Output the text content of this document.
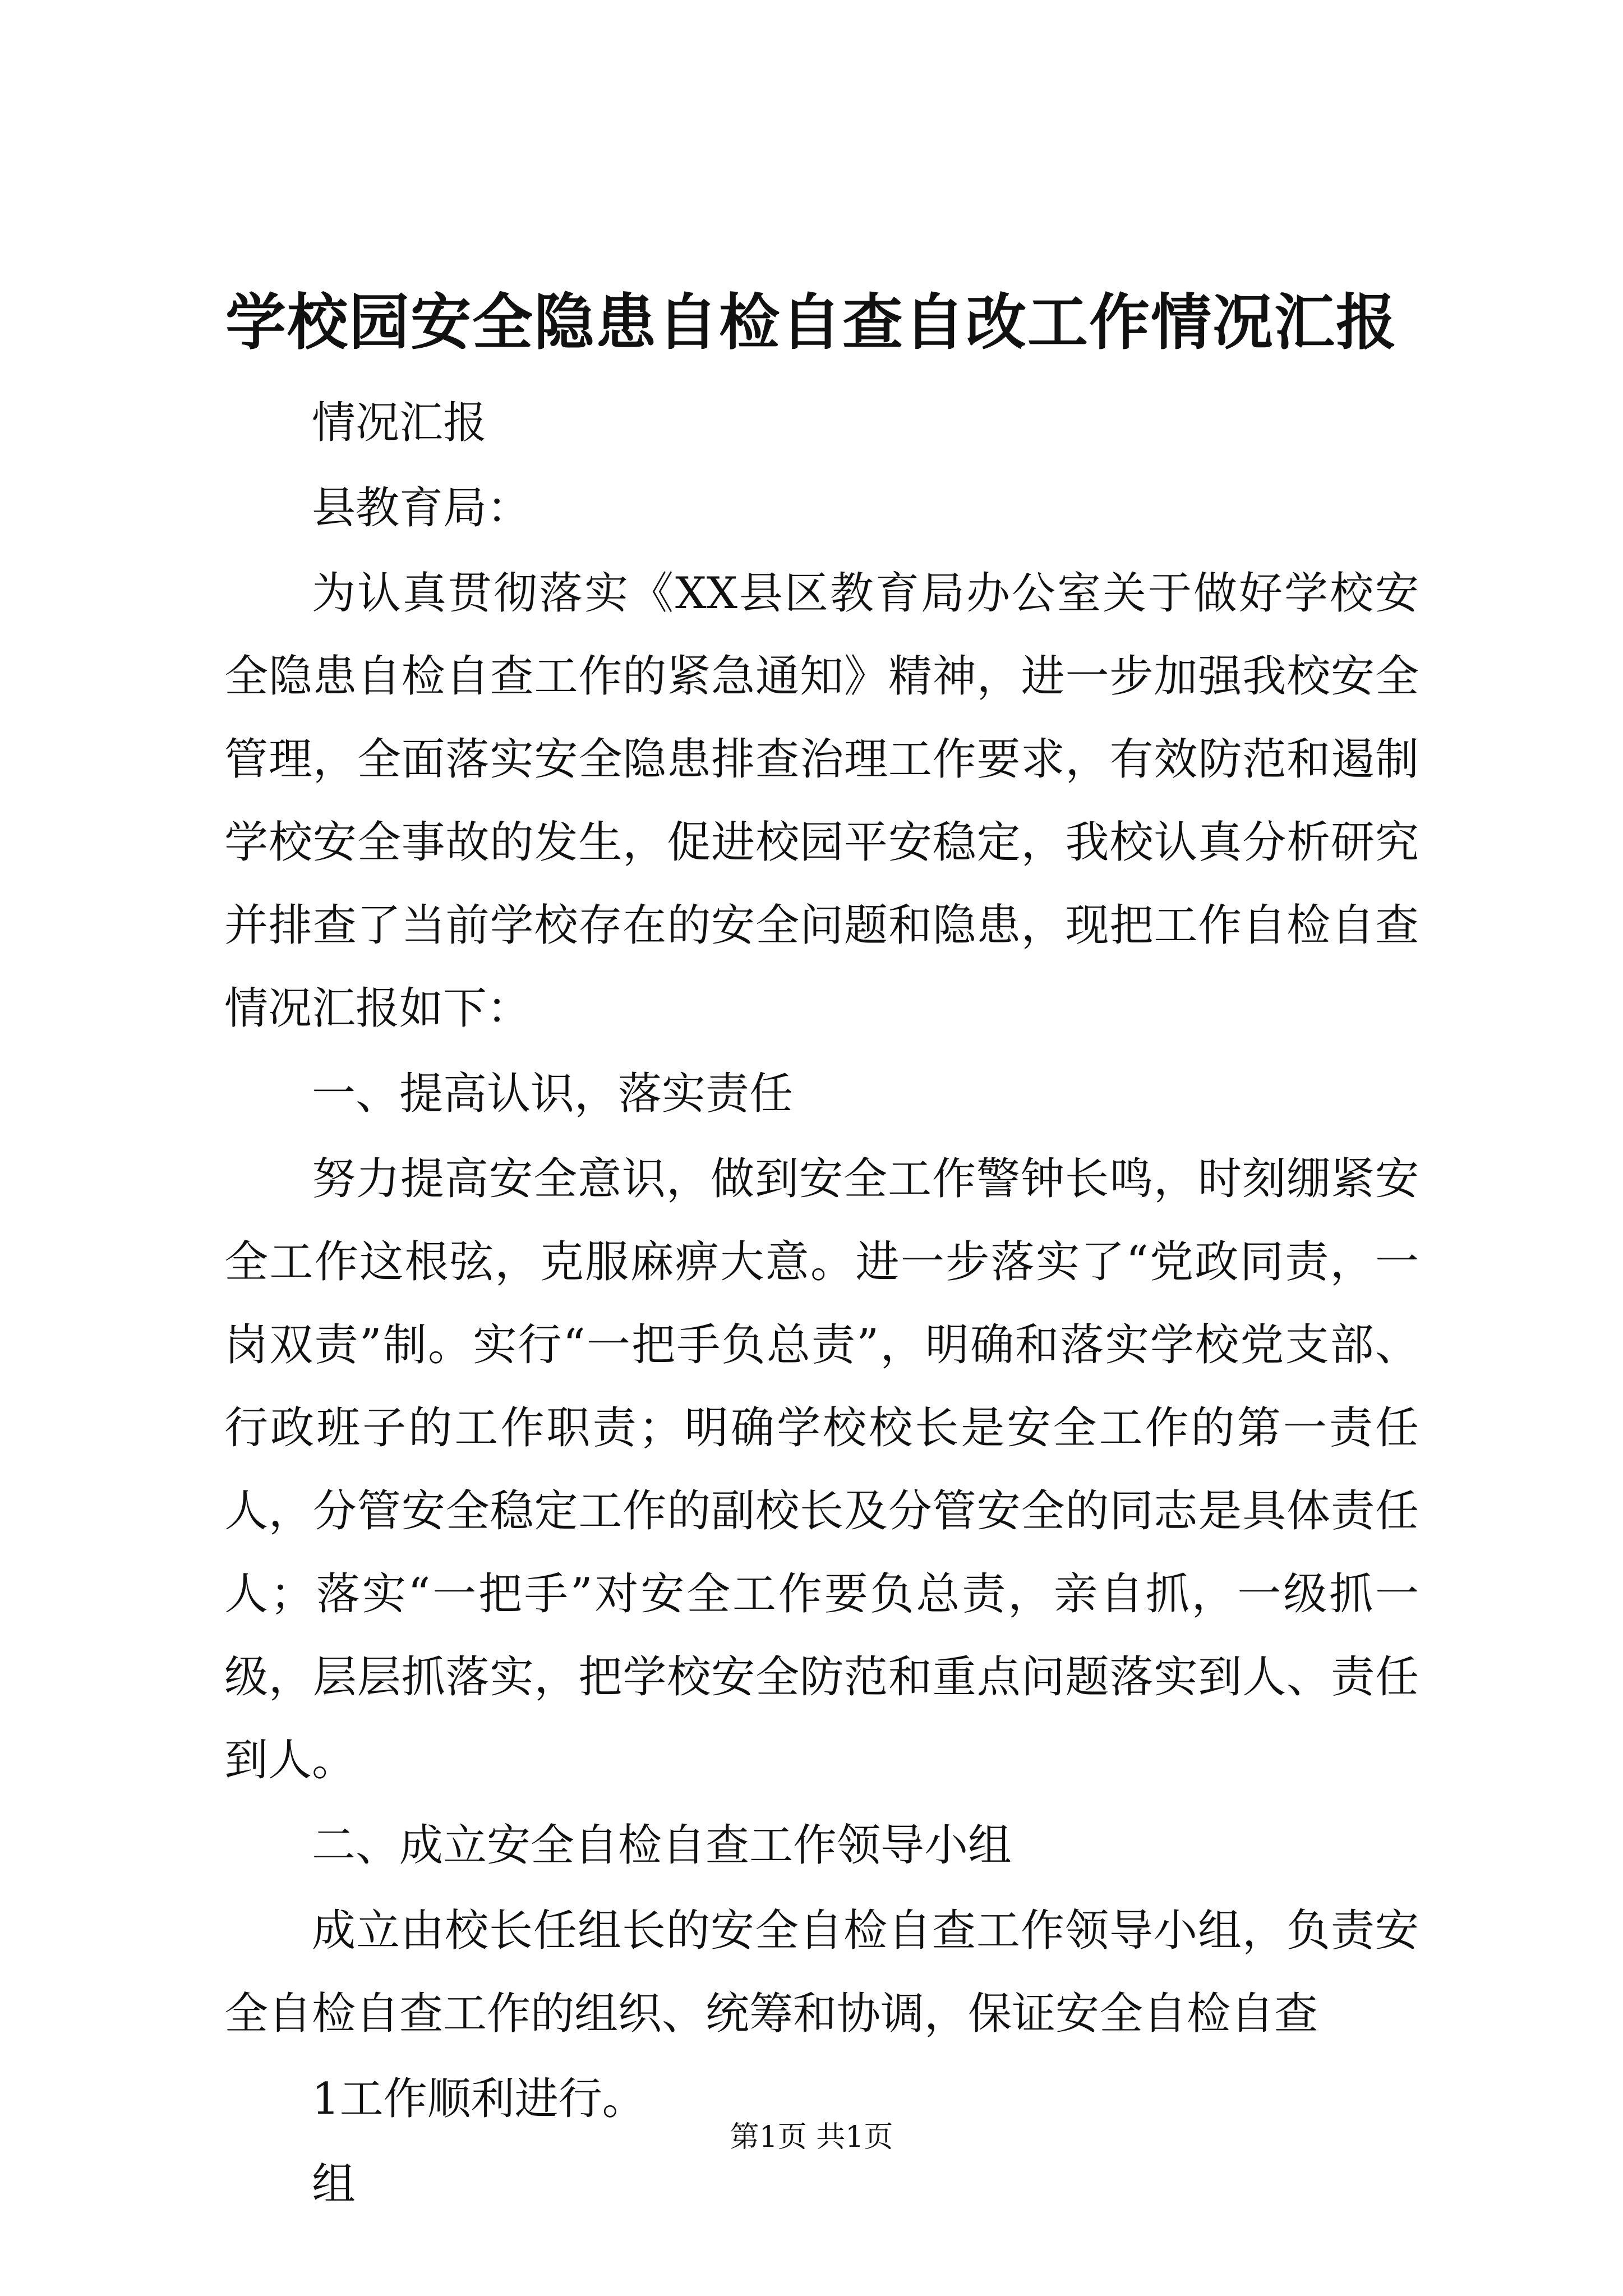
学校园安全隐患自检自查自改工作情况汇报

情况汇报

县教育局：

为认真贯彻落实《XX县区教育局办公室关于做好学校安全隐患自检自查工作的紧急通知》精神，进一步加强我校安全管理，全面落实安全隐患排查治理工作要求，有效防范和遏制学校安全事故的发生，促进校园平安稳定，我校认真分析研究并排查了当前学校存在的安全问题和隐患，现把工作自检自查情况汇报如下：

一、提高认识，落实责任

努力提高安全意识，做到安全工作警钟长鸣，时刻绷紧安全工作这根弦，克服麻痹大意。进一步落实了“党政同责，一岗双责”制。实行“一把手负总责”，明确和落实学校党支部、行政班子的工作职责；明确学校校长是安全工作的第一责任人，分管安全稳定工作的副校长及分管安全的同志是具体责任人；落实“一把手”对安全工作要负总责，亲自抓，一级抓一级，层层抓落实，把学校安全防范和重点问题落实到人、责任到人。

二、成立安全自检自查工作领导小组

成立由校长任组长的安全自检自查工作领导小组，负责安全自检自查工作的组织、统筹和协调，保证安全自检自查

1工作顺利进行。

组

第1页 共1页
